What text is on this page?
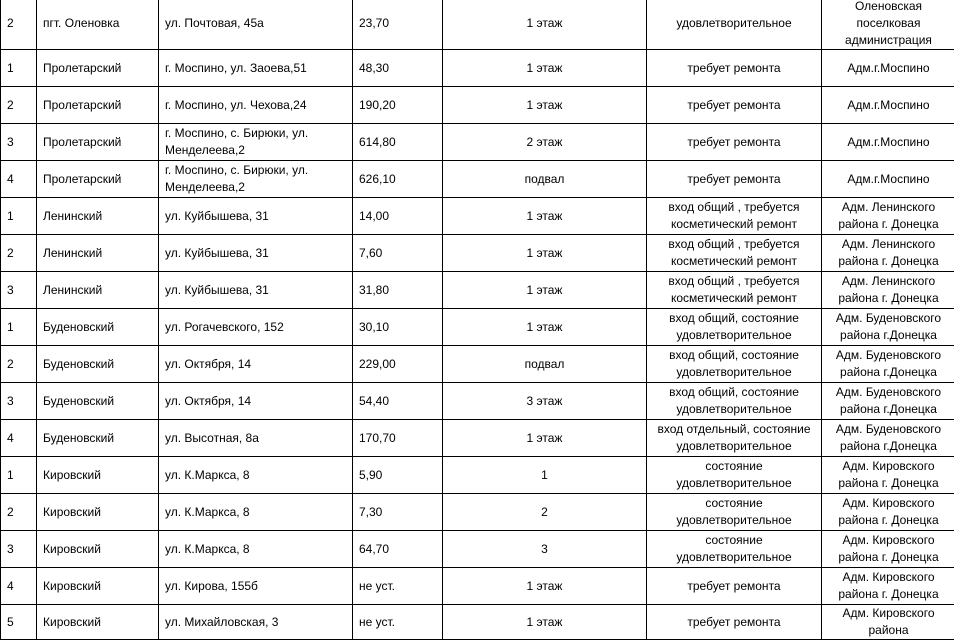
2	пгт. Оленовка	ул. Почтовая, 45а	23,70	1 этаж	удовлетворительное	Оленовская поселковая администрация
1	Пролетарский	г. Моспино, ул. Заоева,51	48,30	1 этаж	требует ремонта	Адм.г.Моспино
2	Пролетарский	г. Моспино, ул. Чехова,24	190,20	1 этаж	требует ремонта	Адм.г.Моспино
3	Пролетарский	г. Моспино, с. Бирюки, ул. Менделеева,2	614,80	2 этаж	требует ремонта	Адм.г.Моспино
4	Пролетарский	г. Моспино, с. Бирюки, ул. Менделеева,2	626,10	подвал	требует ремонта	Адм.г.Моспино
1	Ленинский	ул. Куйбышева, 31	14,00	1 этаж	вход общий , требуется косметический ремонт	Адм. Ленинского района г. Донецка
2	Ленинский	ул. Куйбышева, 31	7,60	1 этаж	вход общий , требуется косметический ремонт	Адм. Ленинского района г. Донецка
3	Ленинский	ул. Куйбышева, 31	31,80	1 этаж	вход общий , требуется косметический ремонт	Адм. Ленинского района г. Донецка
1	Буденовский	ул. Рогачевского, 152	30,10	1 этаж	вход общий, состояние удовлетворительное	Адм. Буденовского района г.Донецка
2	Буденовский	ул. Октября, 14	229,00	подвал	вход общий, состояние удовлетворительное	Адм. Буденовского района г.Донецка
3	Буденовский	ул. Октября, 14	54,40	3 этаж	вход общий, состояние удовлетворительное	Адм. Буденовского района г.Донецка
4	Буденовский	ул. Высотная, 8а	170,70	1 этаж	вход отдельный, состояние удовлетворительное	Адм. Буденовского района г.Донецка
1	Кировский	ул. К.Маркса, 8	5,90	1	состояние удовлетворительное	Адм. Кировского района г. Донецка
2	Кировский	ул. К.Маркса, 8	7,30	2	состояние удовлетворительное	Адм. Кировского района г. Донецка
3	Кировский	ул. К.Маркса, 8	64,70	3	состояние удовлетворительное	Адм. Кировского района г. Донецка
4	Кировский	ул. Кирова, 155б	не уст.	1 этаж	требует ремонта	Адм. Кировского района г. Донецка
5	Кировский	ул. Михайловская, 3	не уст.	1 этаж	требует ремонта	Адм. Кировского района
